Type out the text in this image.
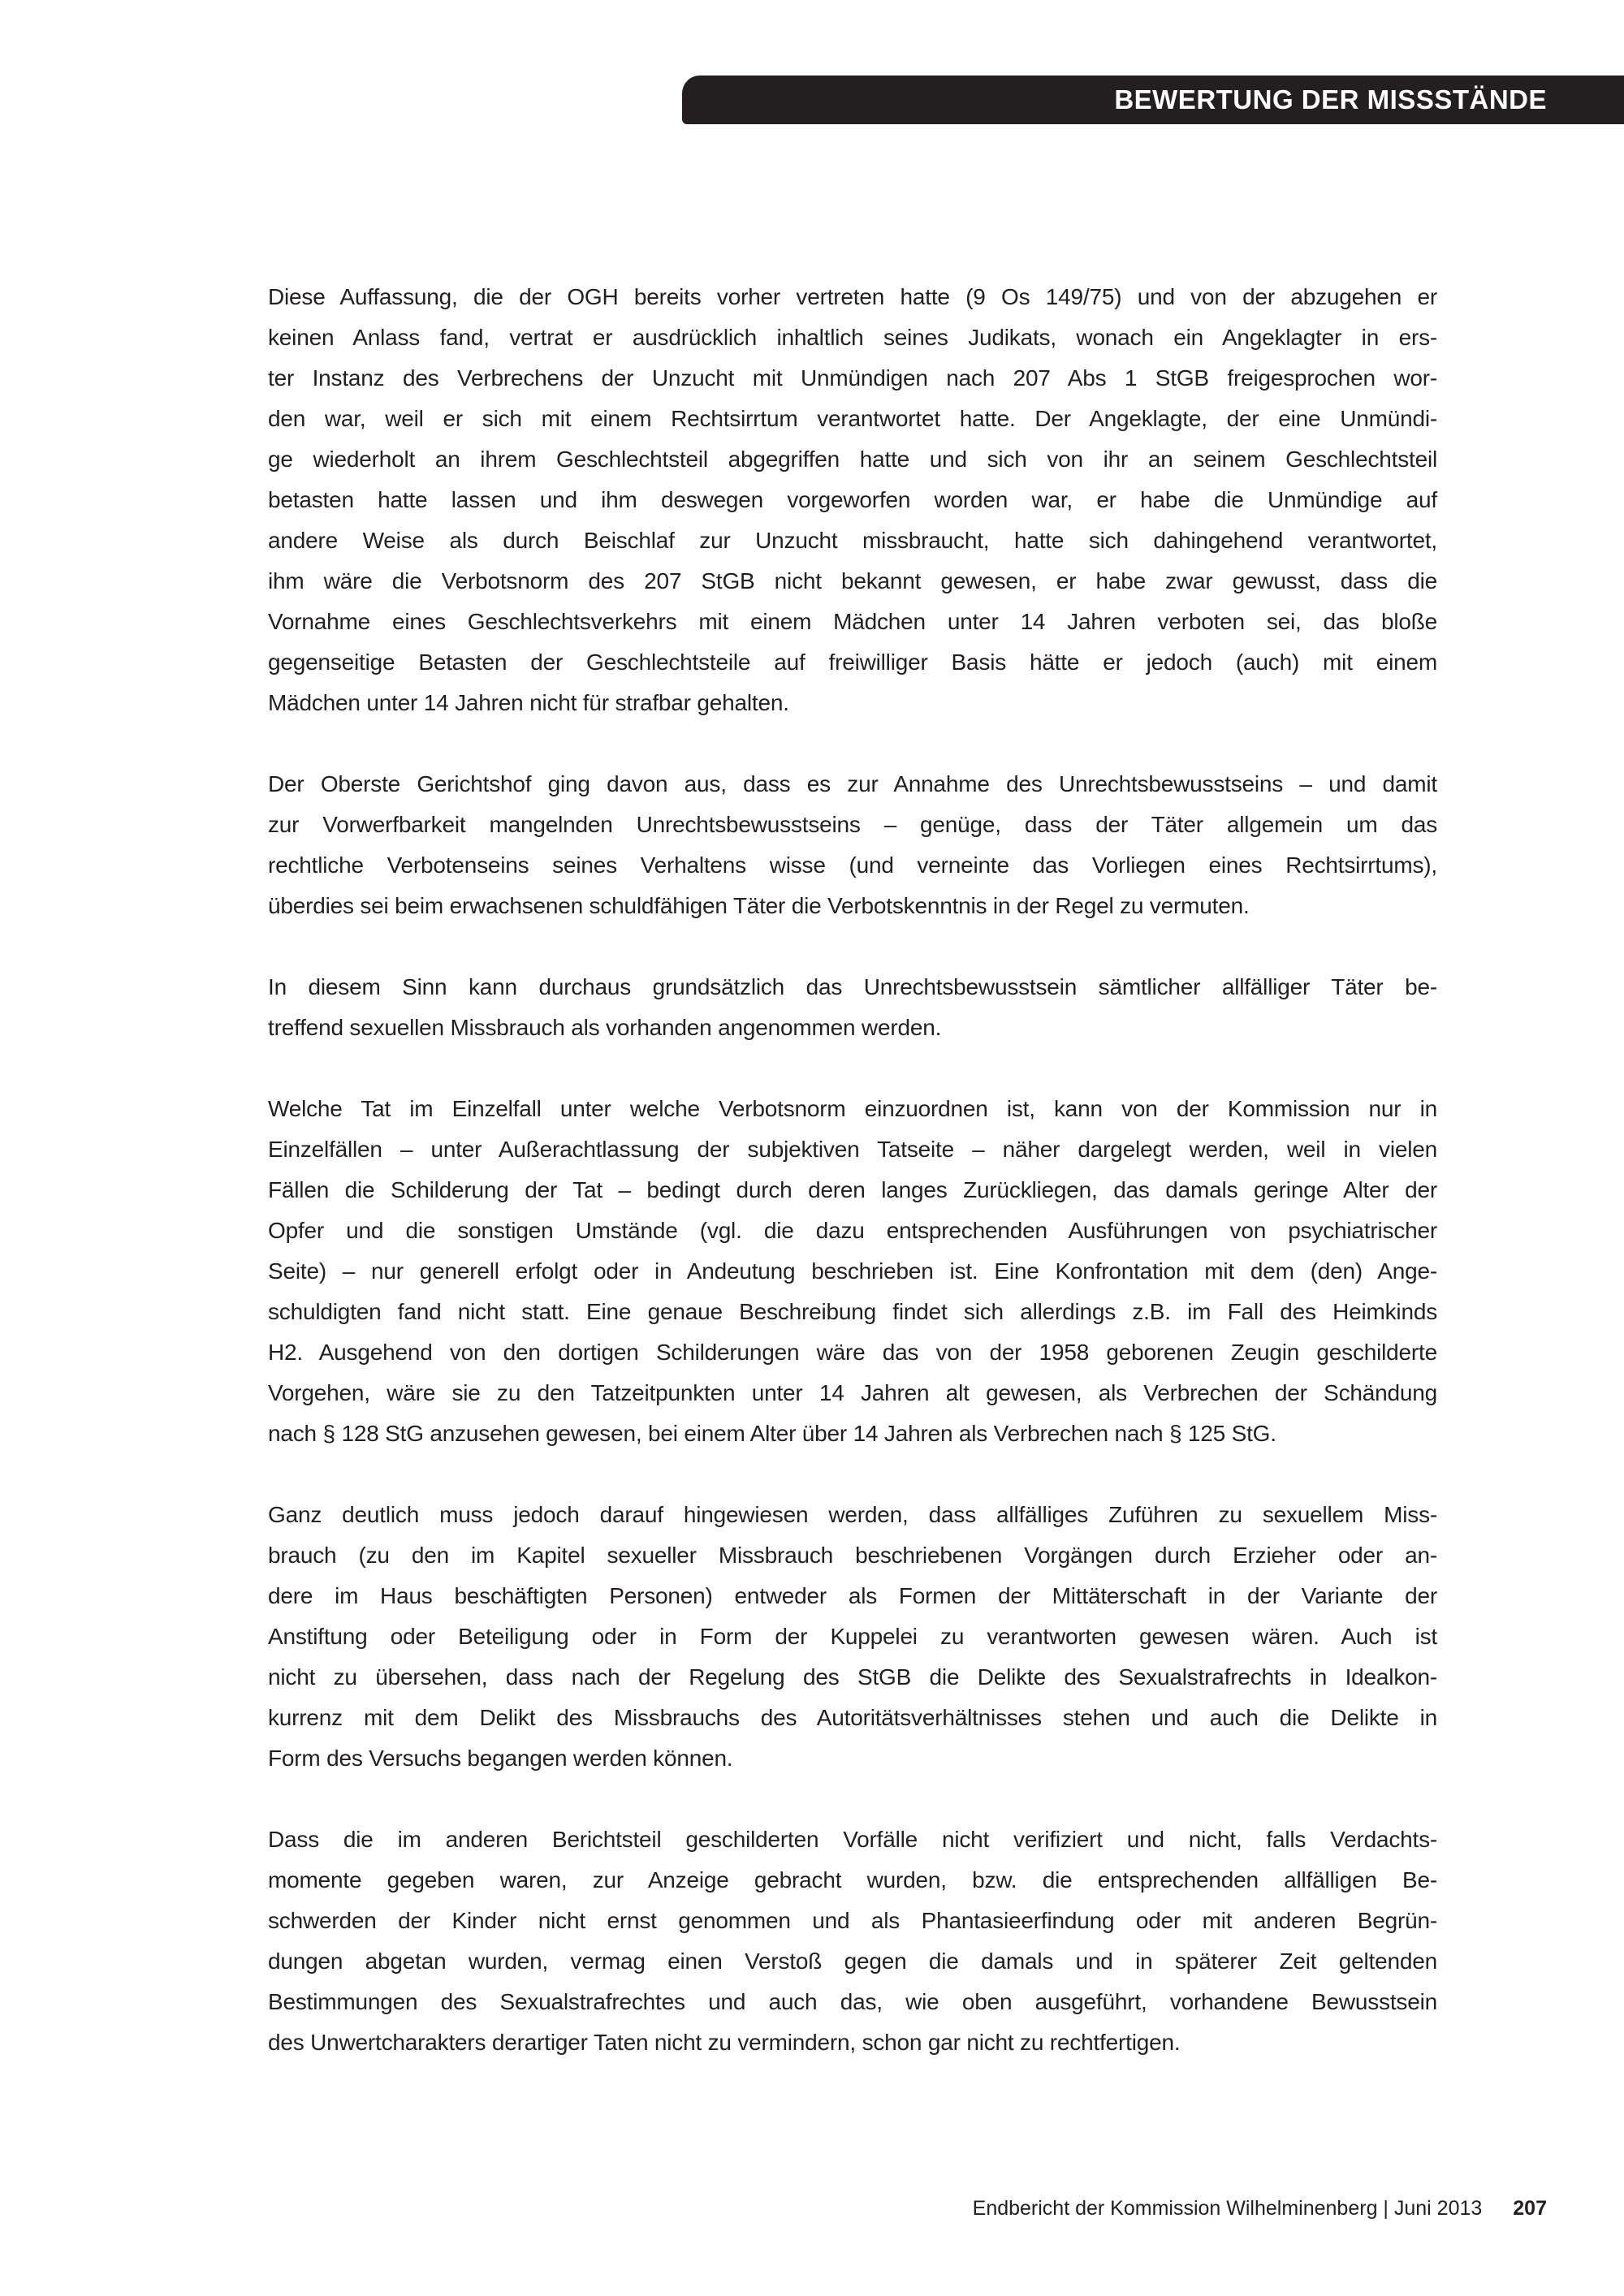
BEWERTUNG DER MISSSTÄNDE
Diese Auffassung, die der OGH bereits vorher vertreten hatte (9 Os 149/75) und von der abzugehen er
keinen Anlass fand, vertrat er ausdrücklich inhaltlich seines Judikats, wonach ein Angeklagter in ers-
ter Instanz des Verbrechens der Unzucht mit Unmündigen nach 207 Abs 1 StGB freigesprochen wor-
den war, weil er sich mit einem Rechtsirrtum verantwortet hatte. Der Angeklagte, der eine Unmündi-
ge wiederholt an ihrem Geschlechtsteil abgegriffen hatte und sich von ihr an seinem Geschlechtsteil
betasten hatte lassen und ihm deswegen vorgeworfen worden war, er habe die Unmündige auf
andere Weise als durch Beischlaf zur Unzucht missbraucht, hatte sich dahingehend verantwortet,
ihm wäre die Verbotsnorm des 207 StGB nicht bekannt gewesen, er habe zwar gewusst, dass die
Vornahme eines Geschlechtsverkehrs mit einem Mädchen unter 14 Jahren verboten sei, das bloße
gegenseitige Betasten der Geschlechtsteile auf freiwilliger Basis hätte er jedoch (auch) mit einem
Mädchen unter 14 Jahren nicht für strafbar gehalten.
Der Oberste Gerichtshof ging davon aus, dass es zur Annahme des Unrechtsbewusstseins – und damit
zur Vorwerfbarkeit mangelnden Unrechtsbewusstseins – genüge, dass der Täter allgemein um das
rechtliche Verbotenseins seines Verhaltens wisse (und verneinte das Vorliegen eines Rechtsirrtums),
überdies sei beim erwachsenen schuldfähigen Täter die Verbotskenntnis in der Regel zu vermuten.
In diesem Sinn kann durchaus grundsätzlich das Unrechtsbewusstsein sämtlicher allfälliger Täter be-
treffend sexuellen Missbrauch als vorhanden angenommen werden.
Welche Tat im Einzelfall unter welche Verbotsnorm einzuordnen ist, kann von der Kommission nur in
Einzelfällen – unter Außerachtlassung der subjektiven Tatseite – näher dargelegt werden, weil in vielen
Fällen die Schilderung der Tat – bedingt durch deren langes Zurückliegen, das damals geringe Alter der
Opfer und die sonstigen Umstände (vgl. die dazu entsprechenden Ausführungen von psychiatrischer
Seite) – nur generell erfolgt oder in Andeutung beschrieben ist. Eine Konfrontation mit dem (den) Ange-
schuldigten fand nicht statt. Eine genaue Beschreibung findet sich allerdings z.B. im Fall des Heimkinds
H2. Ausgehend von den dortigen Schilderungen wäre das von der 1958 geborenen Zeugin geschilderte
Vorgehen, wäre sie zu den Tatzeitpunkten unter 14 Jahren alt gewesen, als Verbrechen der Schändung
nach § 128 StG anzusehen gewesen, bei einem Alter über 14 Jahren als Verbrechen nach § 125 StG.
Ganz deutlich muss jedoch darauf hingewiesen werden, dass allfälliges Zuführen zu sexuellem Miss-
brauch (zu den im Kapitel sexueller Missbrauch beschriebenen Vorgängen durch Erzieher oder an-
dere im Haus beschäftigten Personen) entweder als Formen der Mittäterschaft in der Variante der
Anstiftung oder Beteiligung oder in Form der Kuppelei zu verantworten gewesen wären. Auch ist
nicht zu übersehen, dass nach der Regelung des StGB die Delikte des Sexualstrafrechts in Idealkon-
kurrenz mit dem Delikt des Missbrauchs des Autoritätsverhältnisses stehen und auch die Delikte in
Form des Versuchs begangen werden können.
Dass die im anderen Berichtsteil geschilderten Vorfälle nicht verifiziert und nicht, falls Verdachts-
momente gegeben waren, zur Anzeige gebracht wurden, bzw. die entsprechenden allfälligen Be-
schwerden der Kinder nicht ernst genommen und als Phantasieerfindung oder mit anderen Begrün-
dungen abgetan wurden, vermag einen Verstoß gegen die damals und in späterer Zeit geltenden
Bestimmungen des Sexualstrafrechtes und auch das, wie oben ausgeführt, vorhandene Bewusstsein
des Unwertcharakters derartiger Taten nicht zu vermindern, schon gar nicht zu rechtfertigen.
Endbericht der Kommission Wilhelminenberg | Juni 2013 207
